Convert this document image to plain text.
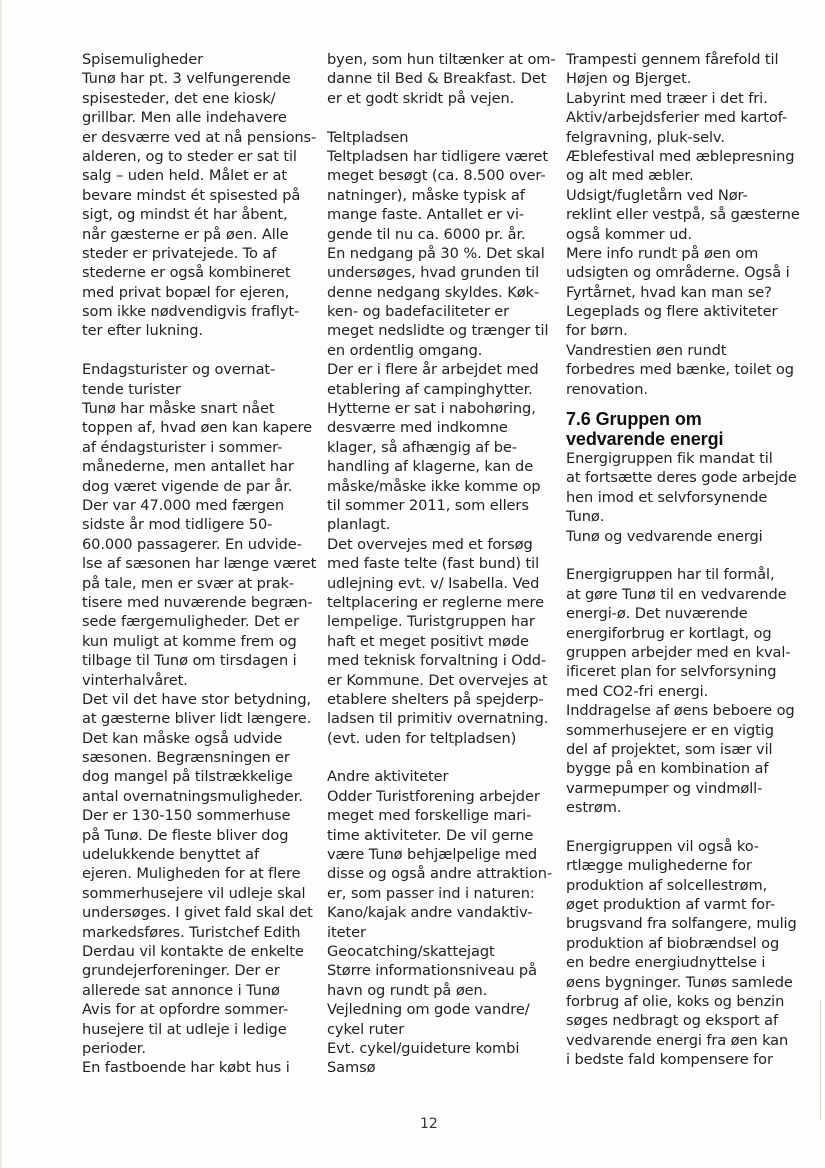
Spisemuligheder
Tunø har pt. 3 velfungerende
spisesteder, det ene kiosk/
grillbar. Men alle indehavere
er desværre ved at nå pensions-
alderen, og to steder er sat til
salg – uden held. Målet er at
bevare mindst ét spisested på
sigt, og mindst ét har åbent,
når gæsterne er på øen. Alle
steder er privatejede. To af
stederne er også kombineret
med privat bopæl for ejeren,
som ikke nødvendigvis fraflyt-
ter efter lukning.
Endagsturister og overnat-
tende turister
Tunø har måske snart nået
toppen af, hvad øen kan kapere
af éndagsturister i sommer-
månederne, men antallet har
dog været vigende de par år.
Der var 47.000 med færgen
sidste år mod tidligere 50-
60.000 passagerer. En udvide-
lse af sæsonen har længe været
på tale, men er svær at prak-
tisere med nuværende begræn-
sede færgemuligheder. Det er
kun muligt at komme frem og
tilbage til Tunø om tirsdagen i
vinterhalvåret.
Det vil det have stor betydning,
at gæsterne bliver lidt længere.
Det kan måske også udvide
sæsonen. Begrænsningen er
dog mangel på tilstrækkelige
antal overnatningsmuligheder.
Der er 130-150 sommerhuse
på Tunø. De fleste bliver dog
udelukkende benyttet af
ejeren. Muligheden for at flere
sommerhusejere vil udleje skal
undersøges. I givet fald skal det
markedsføres. Turistchef Edith
Derdau vil kontakte de enkelte
grundejerforeninger. Der er
allerede sat annonce i Tunø
Avis for at opfordre sommer-
husejere til at udleje i ledige
perioder.
En fastboende har købt hus i
byen, som hun tiltænker at om-
danne til Bed & Breakfast. Det
er et godt skridt på vejen.
Teltpladsen
Teltpladsen har tidligere været
meget besøgt (ca. 8.500 over-
natninger), måske typisk af
mange faste. Antallet er vi-
gende til nu ca. 6000 pr. år.
En nedgang på 30 %. Det skal
undersøges, hvad grunden til
denne nedgang skyldes. Køk-
ken- og badefaciliteter er
meget nedslidte og trænger til
en ordentlig omgang.
Der er i flere år arbejdet med
etablering af campinghytter.
Hytterne er sat i nabohøring,
desværre med indkomne
klager, så afhængig af be-
handling af klagerne, kan de
måske/måske ikke komme op
til sommer 2011, som ellers
planlagt.
Det overvejes med et forsøg
med faste telte (fast bund) til
udlejning evt. v/ Isabella. Ved
teltplacering er reglerne mere
lempelige. Turistgruppen har
haft et meget positivt møde
med teknisk forvaltning i Odd-
er Kommune. Det overvejes at
etablere shelters på spejderp-
ladsen til primitiv overnatning.
(evt. uden for teltpladsen)
Andre aktiviteter
Odder Turistforening arbejder
meget med forskellige mari-
time aktiviteter. De vil gerne
være Tunø behjælpelige med
disse og også andre attraktion-
er, som passer ind i naturen:
Kano/kajak andre vandaktiv-
iteter
Geocatching/skattejagt
Større informationsniveau på
havn og rundt på øen.
Vejledning om gode vandre/
cykel ruter
Evt. cykel/guideture kombi
Samsø
Trampesti gennem fårefold til
Højen og Bjerget.
Labyrint med træer i det fri.
Aktiv/arbejdsferier med kartof-
felgravning, pluk-selv.
Æblefestival med æblepresning
og alt med æbler.
Udsigt/fugletårn ved Nør-
reklint eller vestpå, så gæsterne
også kommer ud.
Mere info rundt på øen om
udsigten og områderne. Også i
Fyrtårnet, hvad kan man se?
Legeplads og flere aktiviteter
for børn.
Vandrestien øen rundt
forbedres med bænke, toilet og
renovation.
7.6 Gruppen om
vedvarende energi
Energigruppen fik mandat til
at fortsætte deres gode arbejde
hen imod et selvforsynende
Tunø.
Tunø og vedvarende energi
Energigruppen har til formål,
at gøre Tunø til en vedvarende
energi-ø. Det nuværende
energiforbrug er kortlagt, og
gruppen arbejder med en kval-
ificeret plan for selvforsyning
med CO2-fri energi.
Inddragelse af øens beboere og
sommerhusejere er en vigtig
del af projektet, som især vil
bygge på en kombination af
varmepumper og vindmøll-
estrøm.
Energigruppen vil også ko-
rtlægge mulighederne for
produktion af solcellestrøm,
øget produktion af varmt for-
brugsvand fra solfangere, mulig
produktion af biobrændsel og
en bedre energiudnyttelse i
øens bygninger. Tunøs samlede
forbrug af olie, koks og benzin
søges nedbragt og eksport af
vedvarende energi fra øen kan
i bedste fald kompensere for
12
